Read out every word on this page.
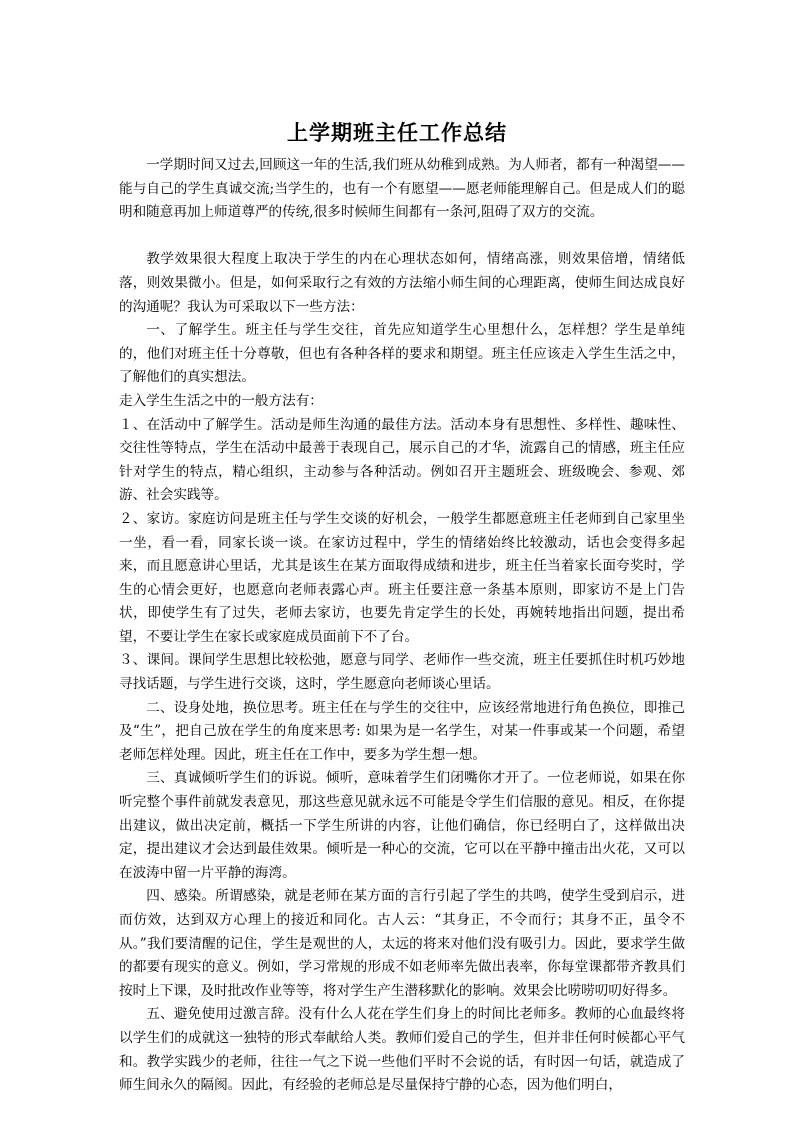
上学期班主任工作总结

一学期时间又过去,回顾这一年的生活,我们班从幼稚到成熟。为人师者，都有一种渴望——能与自己的学生真诚交流;当学生的，也有一个有愿望——愿老师能理解自己。但是成人们的聪明和随意再加上师道尊严的传统,很多时候师生间都有一条河,阻碍了双方的交流。

教学效果很大程度上取决于学生的内在心理状态如何，情绪高涨，则效果倍增，情绪低落，则效果微小。但是，如何采取行之有效的方法缩小师生间的心理距离，使师生间达成良好的沟通呢？我认为可采取以下一些方法：

一、了解学生。班主任与学生交往，首先应知道学生心里想什么，怎样想？学生是单纯的，他们对班主任十分尊敬，但也有各种各样的要求和期望。班主任应该走入学生生活之中，了解他们的真实想法。

走入学生生活之中的一般方法有：

１、在活动中了解学生。活动是师生沟通的最佳方法。活动本身有思想性、多样性、趣味性、交往性等特点，学生在活动中最善于表现自己，展示自己的才华，流露自己的情感，班主任应针对学生的特点，精心组织，主动参与各种活动。例如召开主题班会、班级晚会、参观、郊游、社会实践等。

２、家访。家庭访问是班主任与学生交谈的好机会，一般学生都愿意班主任老师到自己家里坐一坐，看一看，同家长谈一谈。在家访过程中，学生的情绪始终比较激动，话也会变得多起来，而且愿意讲心里话，尤其是该生在某方面取得成绩和进步，班主任当着家长面夸奖时，学生的心情会更好，也愿意向老师表露心声。班主任要注意一条基本原则，即家访不是上门告状，即使学生有了过失，老师去家访，也要先肯定学生的长处，再婉转地指出问题，提出希望，不要让学生在家长或家庭成员面前下不了台。

３、课间。课间学生思想比较松弛，愿意与同学、老师作一些交流，班主任要抓住时机巧妙地寻找话题，与学生进行交谈，这时，学生愿意向老师谈心里话。

二、设身处地，换位思考。班主任在与学生的交往中，应该经常地进行角色换位，即推己及“生”，把自己放在学生的角度来思考: 如果为是一名学生，对某一件事或某一个问题，希望老师怎样处理。因此，班主任在工作中，要多为学生想一想。

三、真诚倾听学生们的诉说。倾听，意味着学生们闭嘴你才开了。一位老师说，如果在你听完整个事件前就发表意见，那这些意见就永远不可能是令学生们信服的意见。相反，在你提出建议，做出决定前，概括一下学生所讲的内容，让他们确信，你已经明白了，这样做出决定，提出建议才会达到最佳效果。倾听是一种心的交流，它可以在平静中撞击出火花，又可以在波涛中留一片平静的海湾。

四、感染。所谓感染，就是老师在某方面的言行引起了学生的共鸣，使学生受到启示，进而仿效，达到双方心理上的接近和同化。古人云：“其身正，不令而行；其身不正，虽令不从。”我们要清醒的记住，学生是观世的人，太远的将来对他们没有吸引力。因此，要求学生做的都要有现实的意义。例如，学习常规的形成不如老师率先做出表率，你每堂课都带齐教具们按时上下课，及时批改作业等等，将对学生产生潜移默化的影响。效果会比唠唠叨叨好得多。

五、避免使用过激言辞。没有什么人花在学生们身上的时间比老师多。教师的心血最终将以学生们的成就这一独特的形式奉献给人类。教师们爱自己的学生，但并非任何时候都心平气和。教学实践少的老师，往往一气之下说一些他们平时不会说的话，有时因一句话，就造成了师生间永久的隔阂。因此，有经验的老师总是尽量保持宁静的心态，因为他们明白，
